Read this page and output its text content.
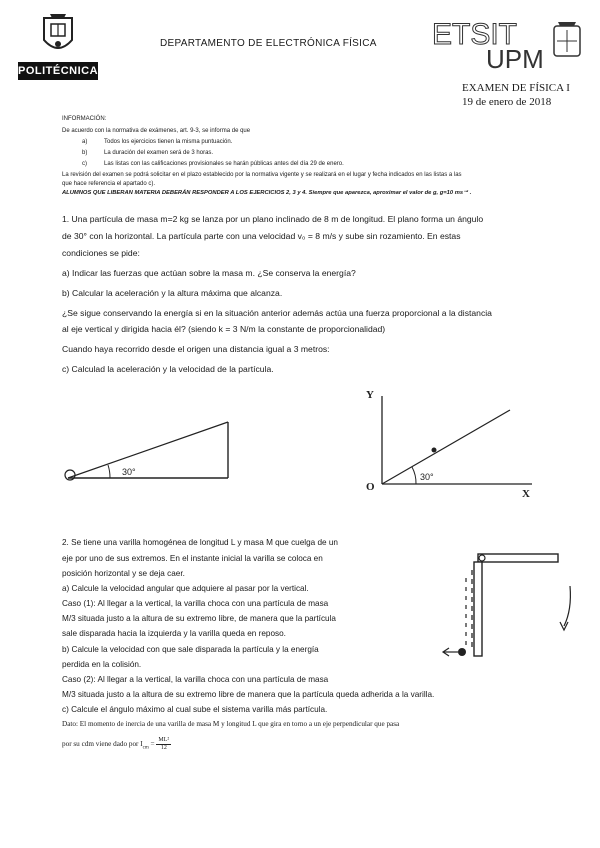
POLITÉCNICA
DEPARTAMENTO DE ELECTRÓNICA FÍSICA ETSIT
UPM
EXAMEN DE FÍSICA I
19 de enero de 2018
INFORMACIÓN:
De acuerdo con la normativa de exámenes, art. 9-3, se informa de que
a)	Todos los ejercicios tienen la misma puntuación.
b)	La duración del examen será de 3 horas.
c)	Las listas con las calificaciones provisionales se harán públicas antes del día 29 de enero.
La revisión del examen se podrá solicitar en el plazo establecido por la normativa vigente y se realizará en el lugar y fecha indicados en las listas a las
que hace referencia el apartado c).
ALUMNOS QUE LIBERAN MATERIA DEBERÁN RESPONDER A LOS EJERCICIOS 2, 3 y 4. Siempre que aparezca, aproximar el valor de g, g=10 ms⁻² .
1. Una partícula de masa m=2 kg se lanza por un plano inclinado de 8 m de longitud. El plano forma un ángulo
de 30° con la horizontal. La partícula parte con una velocidad v₀ = 8 m/s y sube sin rozamiento. En estas
condiciones se pide:
a) Indicar las fuerzas que actúan sobre la masa m. ¿Se conserva la energía?
b) Calcular la aceleración y la altura máxima que alcanza.
¿Se sigue conservando la energía si en la situación anterior además actúa una fuerza proporcional a la distancia
al eje vertical y dirigida hacia él? (siendo k = 3 N/m la constante de proporcionalidad)
Cuando haya recorrido desde el origen una distancia igual a 3 metros:
c) Calculad la aceleración y la velocidad de la partícula.
30°	30°
Y
X
O
2. Se tiene una varilla homogénea de longitud L y masa M que cuelga de un
eje por uno de sus extremos. En el instante inicial la varilla se coloca en
posición horizontal y se deja caer.
a) Calcule la velocidad angular que adquiere al pasar por la vertical.
Caso (1): Al llegar a la vertical, la varilla choca con una partícula de masa
M/3 situada justo a la altura de su extremo libre, de manera que la partícula
sale disparada hacia la izquierda y la varilla queda en reposo.
b) Calcule la velocidad con que sale disparada la partícula y la energía
perdida en la colisión.
Caso (2): Al llegar a la vertical, la varilla choca con una partícula de masa
M/3 situada justo a la altura de su extremo libre de manera que la partícula queda adherida a la varilla.
c) Calcule el ángulo máximo al cual sube el sistema varilla más partícula.
Dato: El momento de inercia de una varilla de masa M y longitud L que gira en torno a un eje perpendicular que pasa
por su cdm viene dado por $I_{cm} = \frac{\text{ML²}}{12}$
